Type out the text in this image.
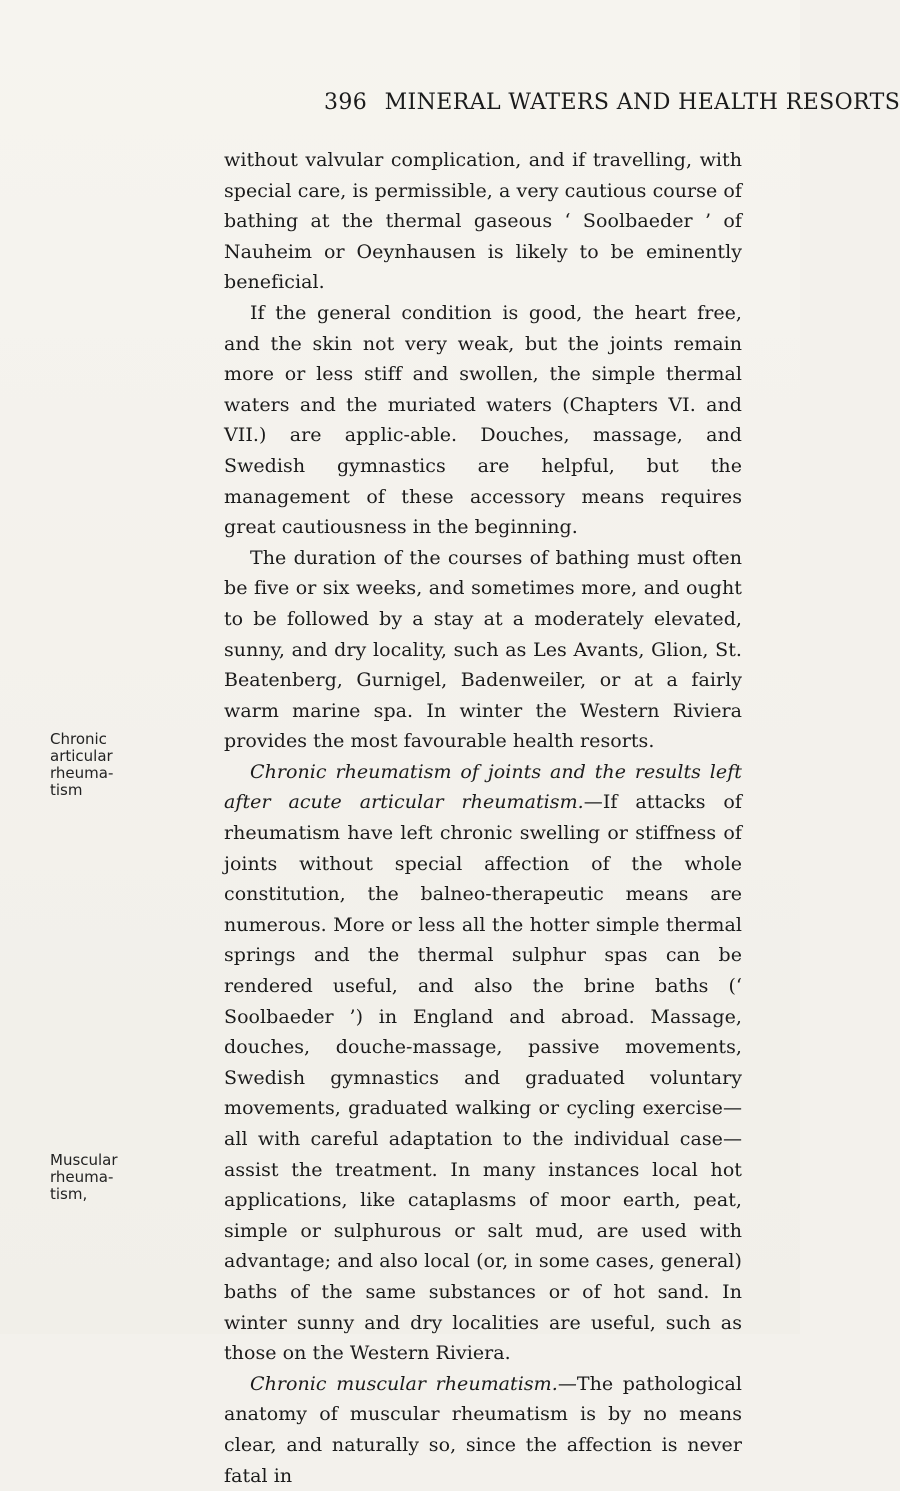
396 MINERAL WATERS AND HEALTH RESORTS
Chronic
articular
rheuma-
tism
Muscular
rheuma-
tism,

without valvular complication, and if travelling, with special care, is permissible, a very cautious course of bathing at the thermal gaseous ‘ Soolbaeder ’ of Nauheim or Oeynhausen is likely to be eminently beneficial.

If the general condition is good, the heart free, and the skin not very weak, but the joints remain more or less stiff and swollen, the simple thermal waters and the muriated waters (Chapters VI. and VII.) are applic-able. Douches, massage, and Swedish gymnastics are helpful, but the management of these accessory means requires great cautiousness in the beginning.

The duration of the courses of bathing must often be five or six weeks, and sometimes more, and ought to be followed by a stay at a moderately elevated, sunny, and dry locality, such as Les Avants, Glion, St. Beatenberg, Gurnigel, Badenweiler, or at a fairly warm marine spa. In winter the Western Riviera provides the most favourable health resorts.

Chronic rheumatism of joints and the results left after acute articular rheumatism.—If attacks of rheumatism have left chronic swelling or stiffness of joints without special affection of the whole constitution, the balneo-therapeutic means are numerous. More or less all the hotter simple thermal springs and the thermal sulphur spas can be rendered useful, and also the brine baths (‘ Soolbaeder ’) in England and abroad. Massage, douches, douche-massage, passive movements, Swedish gymnastics and graduated voluntary movements, graduated walking or cycling exercise—all with careful adaptation to the individual case—assist the treatment. In many instances local hot applications, like cataplasms of moor earth, peat, simple or sulphurous or salt mud, are used with advantage; and also local (or, in some cases, general) baths of the same substances or of hot sand. In winter sunny and dry localities are useful, such as those on the Western Riviera.

Chronic muscular rheumatism.—The pathological anatomy of muscular rheumatism is by no means clear, and naturally so, since the affection is never fatal in
